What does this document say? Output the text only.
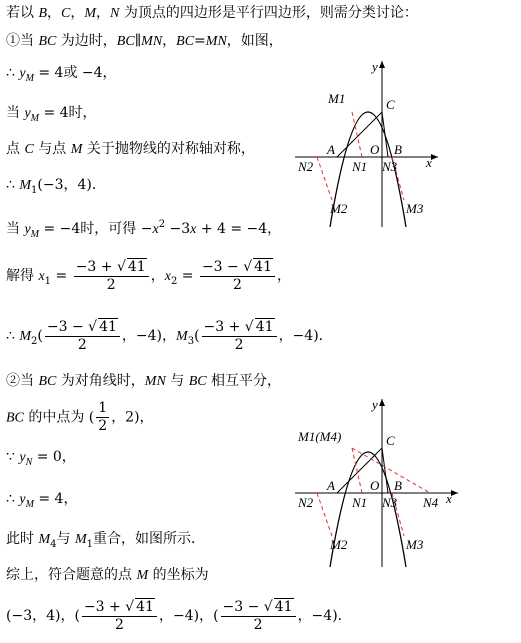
若以 B，C，M，N 为顶点的四边形是平行四边形，则需分类讨论：
①当 BC 为边时，BC∥MN，BC=MN，如图，
∴ $y_M = 4$或 −4，
当 $y_M = 4$时，
点 C 与点 M 关于抛物线的对称轴对称，
∴ $M_1(-3$，4)．
当 $y_M = -4$时，可得 $-x^2 -3x + 4 = -4$，
解得 $x_1 = \frac{-3 + √ 41}{2}$ ，$x_2 = \frac{-3 - √ 41}{2}$ ，
∴ $M_2( \frac{-3 - √ 41}{2}$ ，−4)，$M_3( \frac{-3 + √ 41}{2}$ ，−4)．
②当 BC 为对角线时，MN 与 BC 相互平分，
BC 的中点为 ( $\frac{1}{2}$ ，2)，
∵ $y_N = 0$，
∴ $y_M = 4$，
此时 $M_4$与 $M_1$重合，如图所示．
综上，符合题意的点 M 的坐标为
(−3，4)，( $\frac{-3 + √ 41}{2}$ ，−4)，( $\frac{-3 - √ 41}{2}$ ，−4)．
y
x
O
A	B
C
M1
M2	M3
N1
N2	N3
y
x
O
A	B
C
M1(M4)
M2	M3
N1
N2	N3 N4
